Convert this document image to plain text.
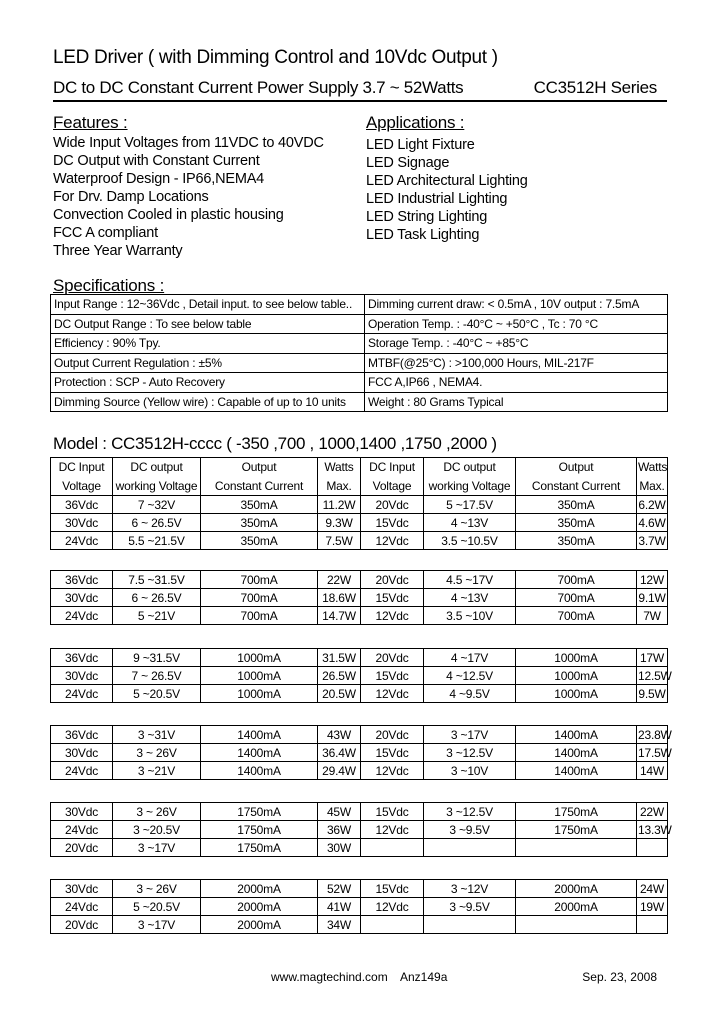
LED Driver ( with Dimming Control and 10Vdc Output )
DC to DC Constant Current Power Supply 3.7 ~ 52Watts	CC3512H Series
Features :
Wide Input Voltages from 11VDC to 40VDC
DC Output with Constant Current
Waterproof Design - IP66,NEMA4
For Drv. Damp Locations
Convection Cooled in plastic housing
FCC A compliant
Three Year Warranty
Applications :
LED Light Fixture
LED Signage
LED Architectural Lighting
LED Industrial Lighting
LED String Lighting
LED Task Lighting
Specifications :
Input Range : 12~36Vdc , Detail input. to see below table..	Dimming current draw: < 0.5mA , 10V output : 7.5mA
DC Output Range : To see below table	Operation Temp. : -40°C ~ +50°C , Tc : 70 °C
Efficiency : 90% Tpy.	Storage Temp. : -40°C ~ +85°C
Output Current Regulation : ±5%	MTBF(@25°C) : >100,000 Hours, MIL-217F
Protection : SCP - Auto Recovery	FCC A,IP66 , NEMA4.
Dimming Source (Yellow wire) : Capable of up to 10 units	Weight : 80 Grams Typical
Model : CC3512H-cccc ( -350 ,700 , 1000,1400 ,1750 ,2000 )
DC Input	DC output	Output	Watts	DC Input	DC output	Output	Watts
Voltage	working Voltage	Constant Current	Max.	Voltage	working Voltage	Constant Current	Max.
36Vdc	7 ~32V	350mA	11.2W	20Vdc	5 ~17.5V	350mA	6.2W
30Vdc	6 ~ 26.5V	350mA	9.3W	15Vdc	4 ~13V	350mA	4.6W
24Vdc	5.5 ~21.5V	350mA	7.5W	12Vdc	3.5 ~10.5V	350mA	3.7W
36Vdc	7.5 ~31.5V	700mA	22W	20Vdc	4.5 ~17V	700mA	12W
30Vdc	6 ~ 26.5V	700mA	18.6W	15Vdc	4 ~13V	700mA	9.1W
24Vdc	5 ~21V	700mA	14.7W	12Vdc	3.5 ~10V	700mA	7W
36Vdc	9 ~31.5V	1000mA	31.5W	20Vdc	4 ~17V	1000mA	17W
30Vdc	7 ~ 26.5V	1000mA	26.5W	15Vdc	4 ~12.5V	1000mA	12.5W
24Vdc	5 ~20.5V	1000mA	20.5W	12Vdc	4 ~9.5V	1000mA	9.5W
36Vdc	3 ~31V	1400mA	43W	20Vdc	3 ~17V	1400mA	23.8W
30Vdc	3 ~ 26V	1400mA	36.4W	15Vdc	3 ~12.5V	1400mA	17.5W
24Vdc	3 ~21V	1400mA	29.4W	12Vdc	3 ~10V	1400mA	14W
30Vdc	3 ~ 26V	1750mA	45W	15Vdc	3 ~12.5V	1750mA	22W
24Vdc	3 ~20.5V	1750mA	36W	12Vdc	3 ~9.5V	1750mA	13.3W
20Vdc	3 ~17V	1750mA	30W				
30Vdc	3 ~ 26V	2000mA	52W	15Vdc	3 ~12V	2000mA	24W
24Vdc	5 ~20.5V	2000mA	41W	12Vdc	3 ~9.5V	2000mA	19W
20Vdc	3 ~17V	2000mA	34W				
www.magtechind.com Anz149a	Sep. 23, 2008
